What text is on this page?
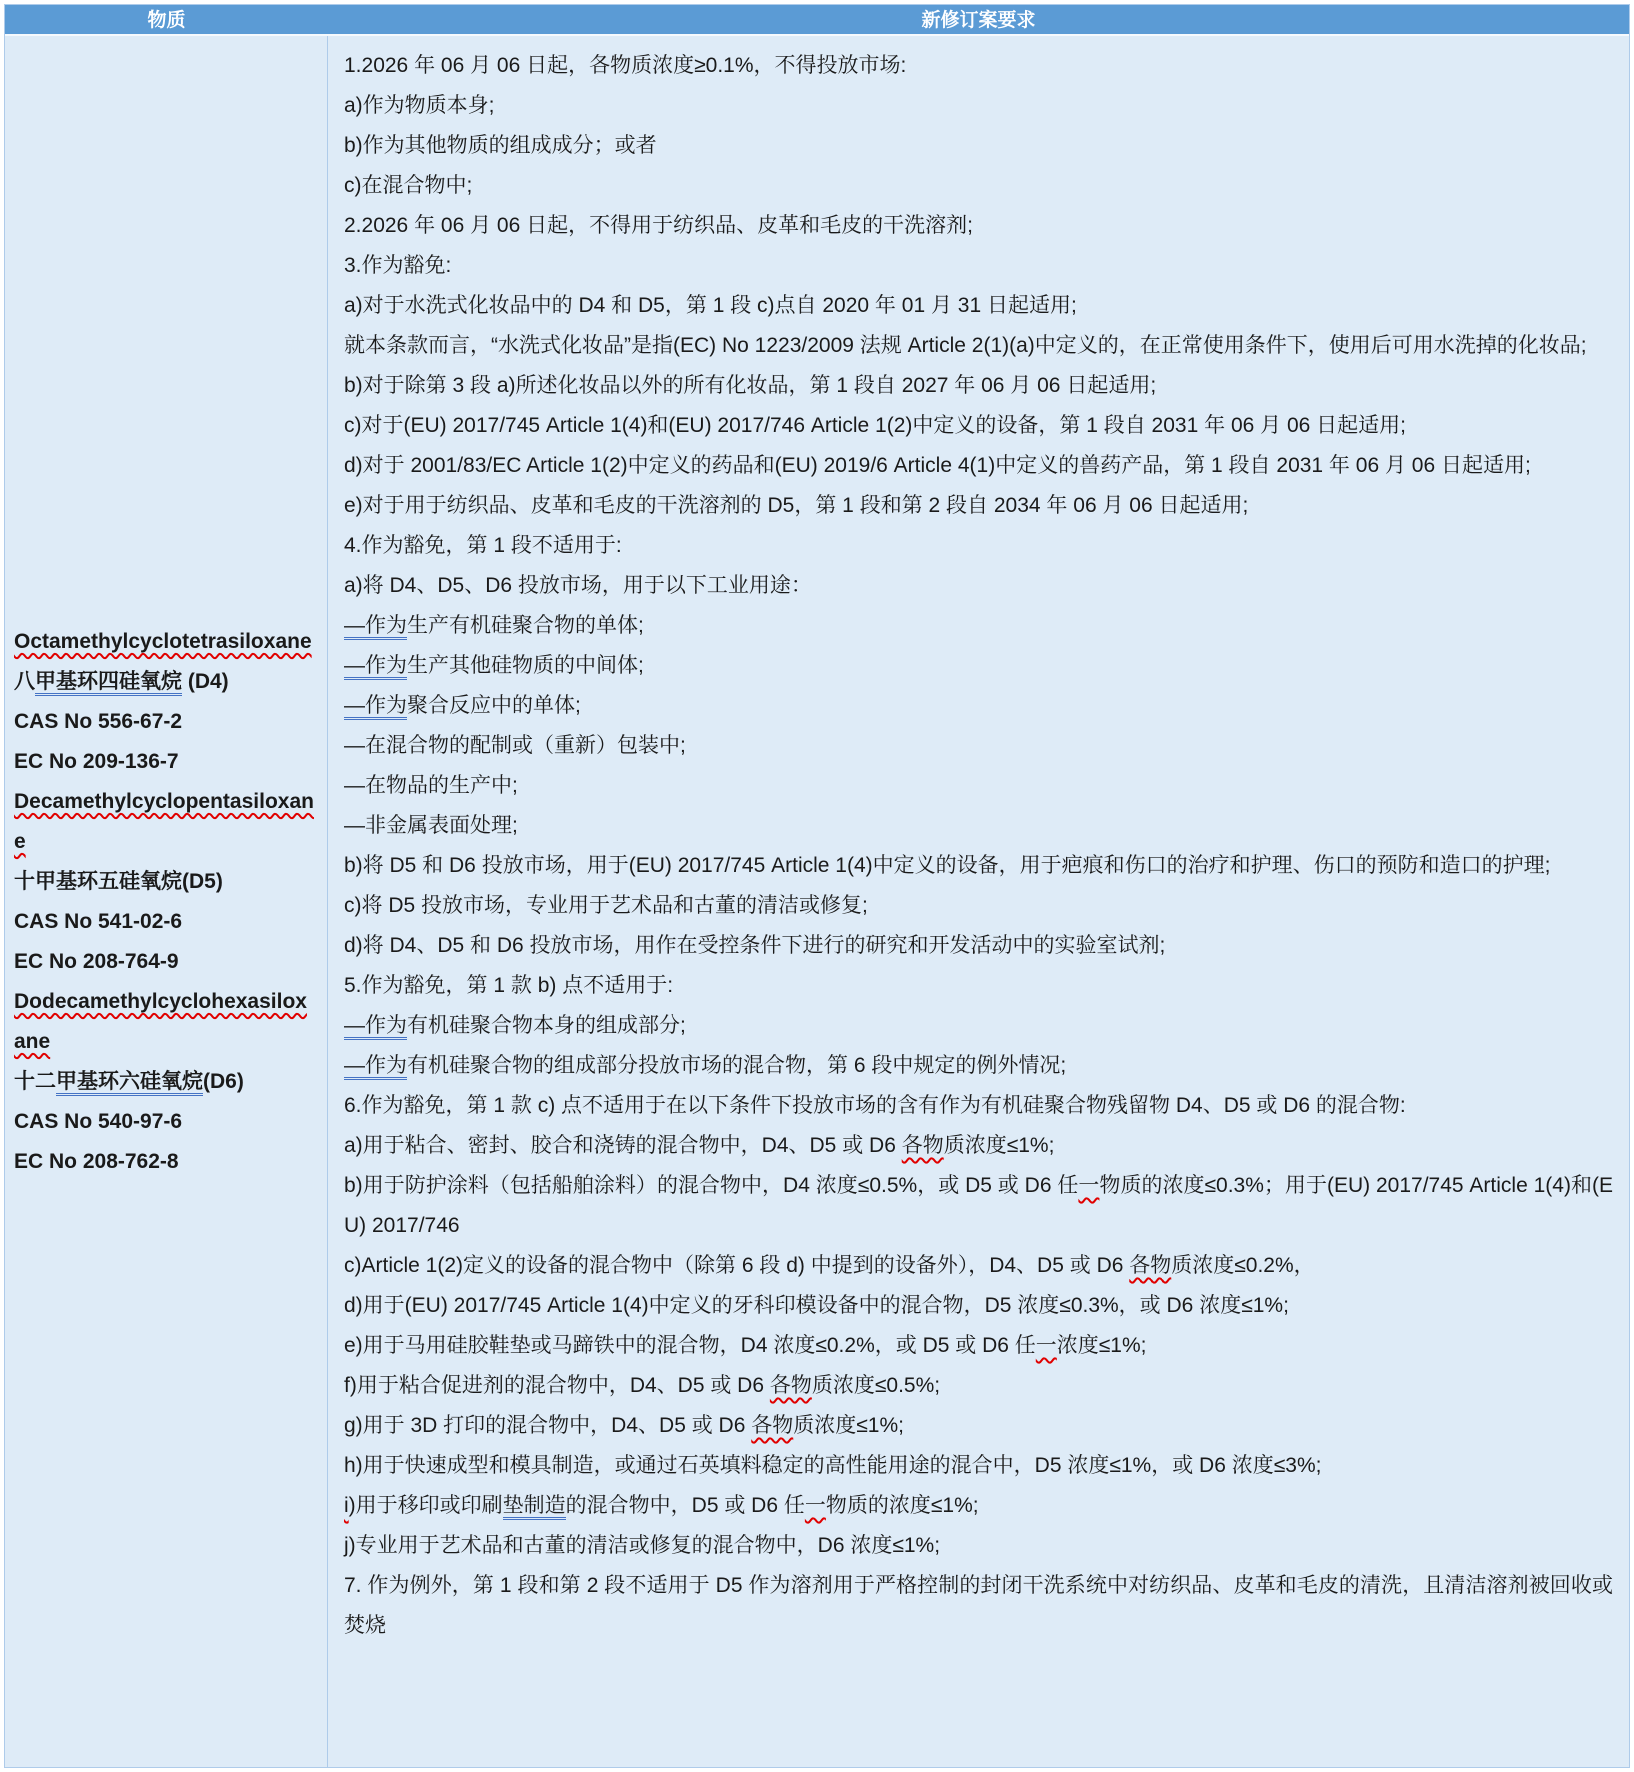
物质	新修订案要求
Octamethylcyclotetrasiloxane
八甲基环四硅氧烷 (D4)
CAS No 556-67-2
EC No 209-136-7
Decamethylcyclopentasiloxane
十甲基环五硅氧烷(D5)
CAS No 541-02-6
EC No 208-764-9
Dodecamethylcyclohexasiloxane
十二甲基环六硅氧烷(D6)
CAS No 540-97-6
EC No 208-762-8
1.2026 年 06 月 06 日起，各物质浓度≥0.1%，不得投放市场:
a)作为物质本身;
b)作为其他物质的组成成分；或者
c)在混合物中;
2.2026 年 06 月 06 日起，不得用于纺织品、皮革和毛皮的干洗溶剂;
3.作为豁免:
a)对于水洗式化妆品中的 D4 和 D5，第 1 段 c)点自 2020 年 01 月 31 日起适用;
就本条款而言，“水洗式化妆品”是指(EC) No 1223/2009 法规 Article 2(1)(a)中定义的，在正常使用条件下，使用后可用水洗掉的化妆品;
b)对于除第 3 段 a)所述化妆品以外的所有化妆品，第 1 段自 2027 年 06 月 06 日起适用;
c)对于(EU) 2017/745 Article 1(4)和(EU) 2017/746 Article 1(2)中定义的设备，第 1 段自 2031 年 06 月 06 日起适用;
d)对于 2001/83/EC Article 1(2)中定义的药品和(EU) 2019/6 Article 4(1)中定义的兽药产品，第 1 段自 2031 年 06 月 06 日起适用;
e)对于用于纺织品、皮革和毛皮的干洗溶剂的 D5，第 1 段和第 2 段自 2034 年 06 月 06 日起适用;
4.作为豁免，第 1 段不适用于:
a)将 D4、D5、D6 投放市场，用于以下工业用途：
—作为生产有机硅聚合物的单体;
—作为生产其他硅物质的中间体;
—作为聚合反应中的单体;
—在混合物的配制或（重新）包装中;
—在物品的生产中;
—非金属表面处理;
b)将 D5 和 D6 投放市场，用于(EU) 2017/745 Article 1(4)中定义的设备，用于疤痕和伤口的治疗和护理、伤口的预防和造口的护理;
c)将 D5 投放市场，专业用于艺术品和古董的清洁或修复;
d)将 D4、D5 和 D6 投放市场，用作在受控条件下进行的研究和开发活动中的实验室试剂;
5.作为豁免，第 1 款 b) 点不适用于:
—作为有机硅聚合物本身的组成部分;
—作为有机硅聚合物的组成部分投放市场的混合物，第 6 段中规定的例外情况;
6.作为豁免，第 1 款 c) 点不适用于在以下条件下投放市场的含有作为有机硅聚合物残留物 D4、D5 或 D6 的混合物:
a)用于粘合、密封、胶合和浇铸的混合物中，D4、D5 或 D6 各物质浓度≤1%;
b)用于防护涂料（包括船舶涂料）的混合物中，D4 浓度≤0.5%，或 D5 或 D6 任一物质的浓度≤0.3%；用于(EU) 2017/745 Article 1(4)和(EU) 2017/746
c)Article 1(2)定义的设备的混合物中（除第 6 段 d) 中提到的设备外），D4、D5 或 D6 各物质浓度≤0.2%，
d)用于(EU) 2017/745 Article 1(4)中定义的牙科印模设备中的混合物，D5 浓度≤0.3%，或 D6 浓度≤1%;
e)用于马用硅胶鞋垫或马蹄铁中的混合物，D4 浓度≤0.2%，或 D5 或 D6 任一浓度≤1%;
f)用于粘合促进剂的混合物中，D4、D5 或 D6 各物质浓度≤0.5%;
g)用于 3D 打印的混合物中，D4、D5 或 D6 各物质浓度≤1%;
h)用于快速成型和模具制造，或通过石英填料稳定的高性能用途的混合中，D5 浓度≤1%，或 D6 浓度≤3%;
i)用于移印或印刷垫制造的混合物中，D5 或 D6 任一物质的浓度≤1%;
j)专业用于艺术品和古董的清洁或修复的混合物中，D6 浓度≤1%;
7. 作为例外，第 1 段和第 2 段不适用于 D5 作为溶剂用于严格控制的封闭干洗系统中对纺织品、皮革和毛皮的清洗，且清洁溶剂被回收或焚烧
